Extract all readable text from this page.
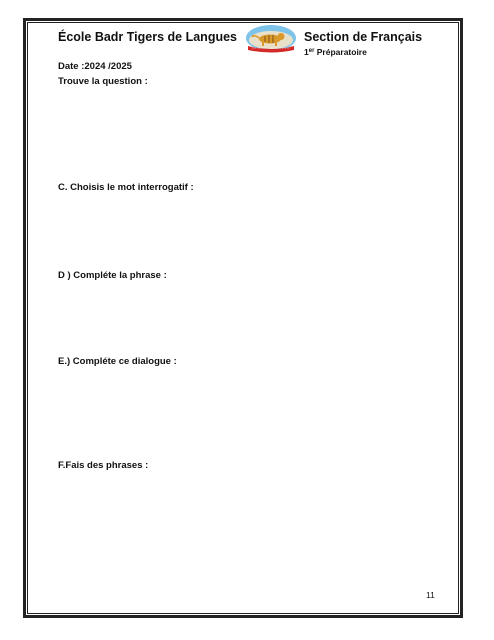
École Badr Tigers de Langues	Section de Français
1er Préparatoire
Date :2024 /2025
Trouve la question :
C. Choisis le mot interrogatif :
D ) Compléte la phrase :
E.) Compléte ce dialogue :
F.Fais des phrases :
11
